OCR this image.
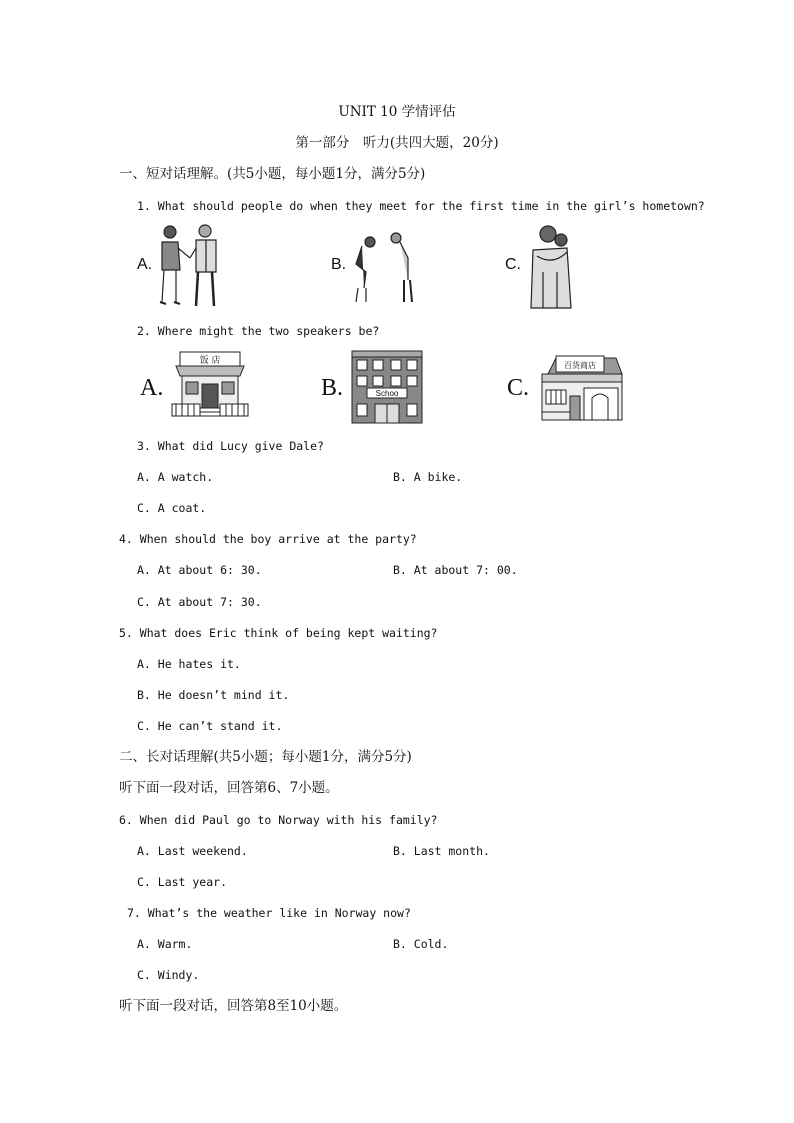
UNIT 10 学情评估
第一部分　听力(共四大题，20分)
一、短对话理解。(共5小题，每小题1分，满分5分)
1. What should people do when they meet for the first time in the girl’s hometown?
A.	B.	C.
2. Where might the two speakers be?
A.	B.	C.
饭 店
Schoo
百货商店
3. What did Lucy give Dale?
A. A watch.	B. A bike.
C. A coat.
4. When should the boy arrive at the party?
A. At about 6: 30.	B. At about 7: 00.
C. At about 7: 30.
5. What does Eric think of being kept waiting?
A. He hates it.
B. He doesn’t mind it.
C. He can’t stand it.
二、长对话理解(共5小题；每小题1分，满分5分)
听下面一段对话，回答第6、7小题。
6. When did Paul go to Norway with his family?
A. Last weekend.	B. Last month.
C. Last year.
7. What’s the weather like in Norway now?
A. Warm.	B. Cold.
C. Windy.
听下面一段对话，回答第8至10小题。
